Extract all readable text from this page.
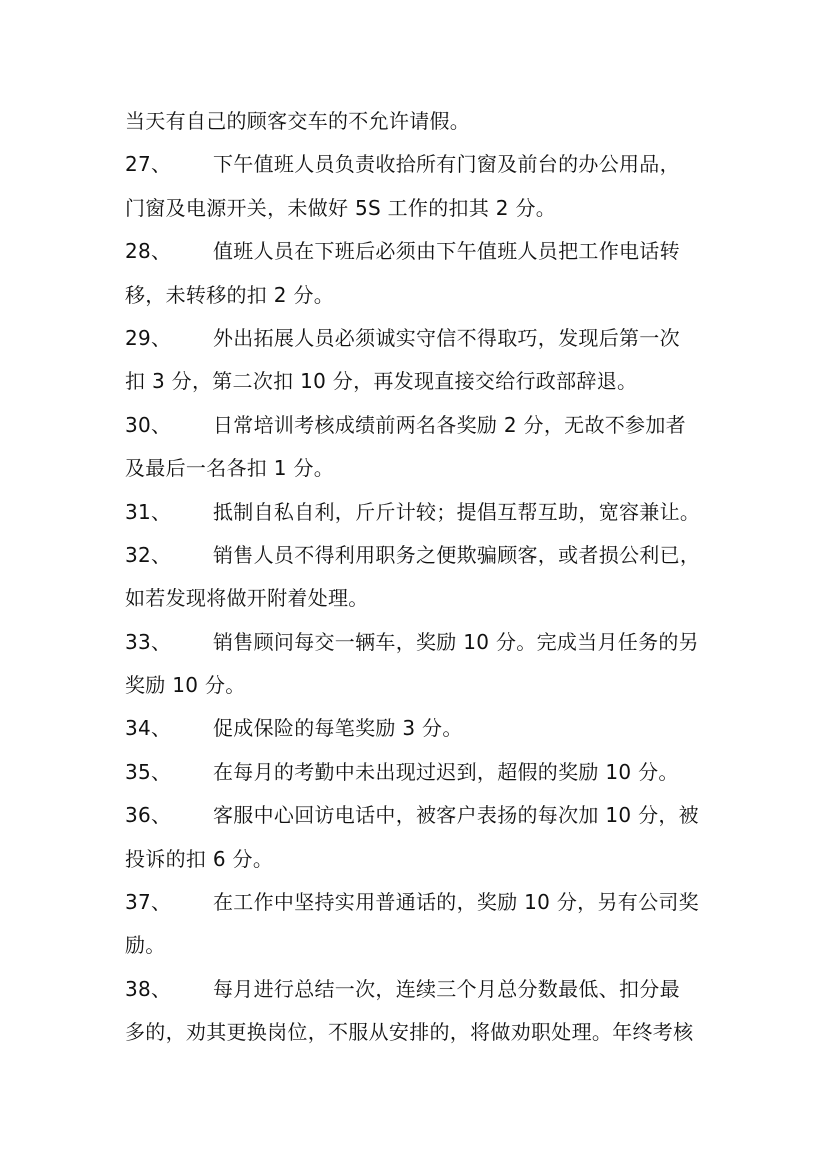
当天有自己的顾客交车的不允许请假。
27、 下午值班人员负责收拾所有门窗及前台的办公用品，
门窗及电源开关，未做好 5S 工作的扣其 2 分。
28、 值班人员在下班后必须由下午值班人员把工作电话转
移，未转移的扣 2 分。
29、 外出拓展人员必须诚实守信不得取巧，发现后第一次
扣 3 分，第二次扣 10 分，再发现直接交给行政部辞退。
30、 日常培训考核成绩前两名各奖励 2 分，无故不参加者
及最后一名各扣 1 分。
31、 抵制自私自利，斤斤计较；提倡互帮互助，宽容兼让。
32、 销售人员不得利用职务之便欺骗顾客，或者损公利已，
如若发现将做开附着处理。
33、 销售顾问每交一辆车，奖励 10 分。完成当月任务的另
奖励 10 分。
34、 促成保险的每笔奖励 3 分。
35、 在每月的考勤中未出现过迟到，超假的奖励 10 分。
36、 客服中心回访电话中，被客户表扬的每次加 10 分，被
投诉的扣 6 分。
37、 在工作中坚持实用普通话的，奖励 10 分，另有公司奖
励。
38、 每月进行总结一次，连续三个月总分数最低、扣分最
多的，劝其更换岗位，不服从安排的，将做劝职处理。年终考核
